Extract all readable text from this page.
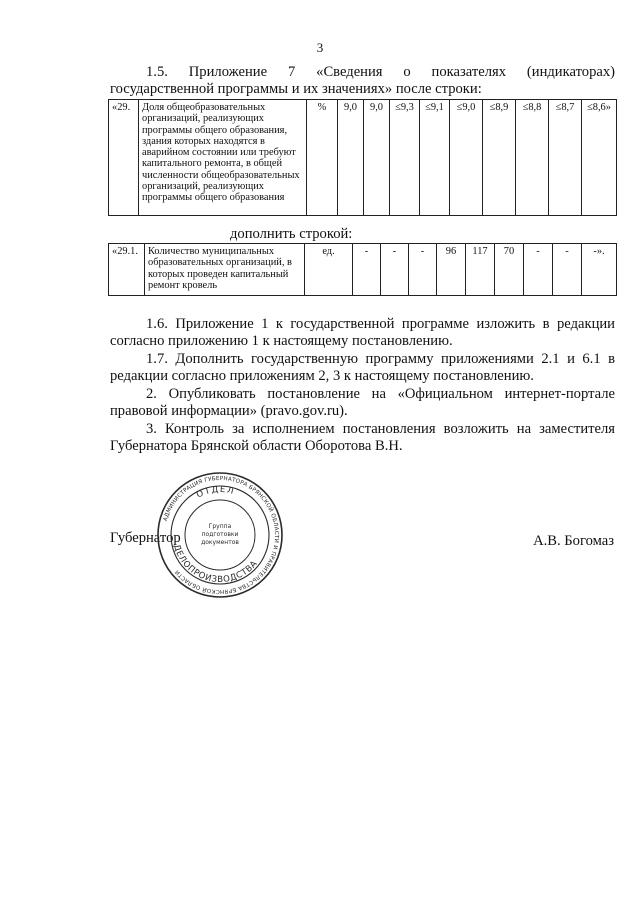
3
1.5. Приложение 7 «Сведения о показателях (индикаторах) государственной программы и их значениях» после строки:
«29.	Доля общеобразовательных организаций, реализующих программы общего образования, здания которых находятся в аварийном состоянии или требуют капитального ремонта, в общей численности общеобразовательных организаций, реализующих программы общего образования	%	9,0	9,0	≤9,3	≤9,1	≤9,0	≤8,9	≤8,8	≤8,7	≤8,6»
дополнить строкой:
«29.1.	Количество муниципальных образовательных организаций, в которых проведен капитальный ремонт кровель	ед.	-	-	-	96	117	70	-	-	-».
1.6. Приложение 1 к государственной программе изложить в редакции согласно приложению 1 к настоящему постановлению.
1.7. Дополнить государственную программу приложениями 2.1 и 6.1 в редакции согласно приложениям 2, 3 к настоящему постановлению.
2. Опубликовать постановление на «Официальном интернет-портале правовой информации» (pravo.gov.ru).
3. Контроль за исполнением постановления возложить на заместителя Губернатора Брянской области Оборотова В.Н.
Губернатор	А.В. Богомаз
АДМИНИСТРАЦИЯ ГУБЕРНАТОРА БРЯНСКОЙ ОБЛАСТИ И ПРАВИТЕЛЬСТВА БРЯНСКОЙ ОБЛАСТИ
ОТДЕЛ
ДЕЛОПРОИЗВОДСТВА
Группа
подготовки
документов
